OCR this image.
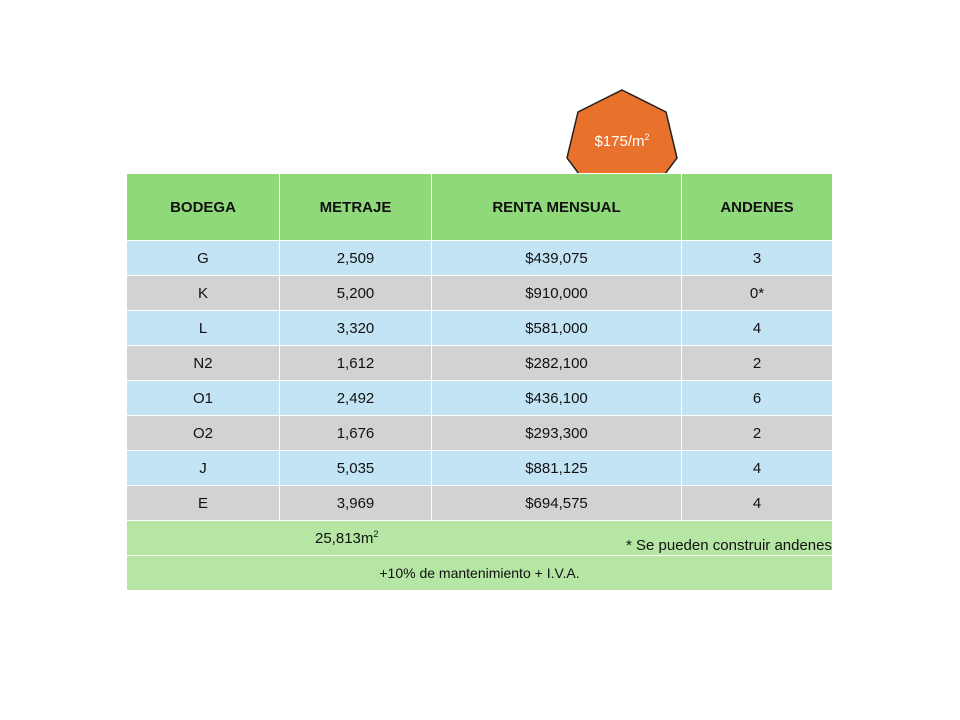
$\$175/m^2$
BODEGA	METRAJE	RENTA MENSUAL	ANDENES
G	2,509	$439,075	3
K	5,200	$910,000	0*
L	3,320	$581,000	4
N2	1,612	$282,100	2
O1	2,492	$436,100	6
O2	1,676	$293,300	2
J	5,035	$881,125	4
E	3,969	$694,575	4

$25,813m^2$
* Se pueden construir andenes			

+10% de mantenimiento + I.V.A.			
